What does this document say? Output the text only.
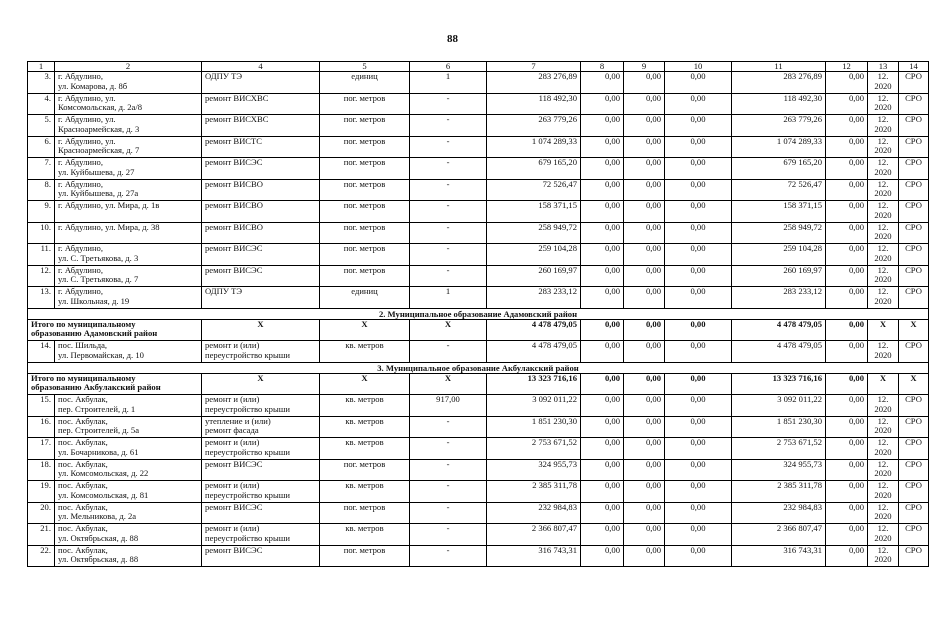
88
1	2	4	5	6	7	8	9	10	11	12	13	14
3.	г. Абдулино,
ул. Комарова, д. 8б	ОДПУ ТЭ	единиц	1	283 276,89	0,00	0,00	0,00	283 276,89	0,00	12.
2020	СРО
4.	г. Абдулино, ул.
Комсомольская, д. 2а/8	ремонт ВИСХВС	пог. метров	-	118 492,30	0,00	0,00	0,00	118 492,30	0,00	12.
2020	СРО
5.	г. Абдулино, ул.
Красноармейская, д. 3	ремонт ВИСХВС	пог. метров	-	263 779,26	0,00	0,00	0,00	263 779,26	0,00	12.
2020	СРО
6.	г. Абдулино, ул.
Красноармейская, д. 7	ремонт ВИСТС	пог. метров	-	1 074 289,33	0,00	0,00	0,00	1 074 289,33	0,00	12.
2020	СРО
7.	г. Абдулино,
ул. Куйбышева, д. 27	ремонт ВИСЭС	пог. метров	-	679 165,20	0,00	0,00	0,00	679 165,20	0,00	12.
2020	СРО
8.	г. Абдулино,
ул. Куйбышева, д. 27а	ремонт ВИСВО	пог. метров	-	72 526,47	0,00	0,00	0,00	72 526,47	0,00	12.
2020	СРО
9.	г. Абдулино, ул. Мира, д. 1в	ремонт ВИСВО	пог. метров	-	158 371,15	0,00	0,00	0,00	158 371,15	0,00	12.
2020	СРО
10.	г. Абдулино, ул. Мира, д. 38	ремонт ВИСВО	пог. метров	-	258 949,72	0,00	0,00	0,00	258 949,72	0,00	12.
2020	СРО
11.	г. Абдулино,
ул. С. Третьякова, д. 3	ремонт ВИСЭС	пог. метров	-	259 104,28	0,00	0,00	0,00	259 104,28	0,00	12.
2020	СРО
12.	г. Абдулино,
ул. С. Третьякова, д. 7	ремонт ВИСЭС	пог. метров	-	260 169,97	0,00	0,00	0,00	260 169,97	0,00	12.
2020	СРО
13.	г. Абдулино,
ул. Школьная, д. 19	ОДПУ ТЭ	единиц	1	283 233,12	0,00	0,00	0,00	283 233,12	0,00	12.
2020	СРО
2. Муниципальное образование Адамовский район												

Итого по муниципальному
образованию Адамовский район		X	X	X	4 478 479,05	0,00	0,00	0,00	4 478 479,05	0,00	X	X
14.	пос. Шильда,
ул. Первомайская, д. 10	ремонт и (или)
переустройство крыши	кв. метров	-	4 478 479,05	0,00	0,00	0,00	4 478 479,05	0,00	12.
2020	СРО
3. Муниципальное образование Акбулакский район												

Итого по муниципальному
образованию Акбулакский район		X	X	X	13 323 716,16	0,00	0,00	0,00	13 323 716,16	0,00	X	X
15.	пос. Акбулак,
пер. Строителей, д. 1	ремонт и (или)
переустройство крыши	кв. метров	917,00	3 092 011,22	0,00	0,00	0,00	3 092 011,22	0,00	12.
2020	СРО
16.	пос. Акбулак,
пер. Строителей, д. 5а	утепление и (или)
ремонт фасада	кв. метров	-	1 851 230,30	0,00	0,00	0,00	1 851 230,30	0,00	12.
2020	СРО
17.	пос. Акбулак,
ул. Бочарникова, д. 61	ремонт и (или)
переустройство крыши	кв. метров	-	2 753 671,52	0,00	0,00	0,00	2 753 671,52	0,00	12.
2020	СРО
18.	пос. Акбулак,
ул. Комсомольская, д. 22	ремонт ВИСЭС	пог. метров	-	324 955,73	0,00	0,00	0,00	324 955,73	0,00	12.
2020	СРО
19.	пос. Акбулак,
ул. Комсомольская, д. 81	ремонт и (или)
переустройство крыши	кв. метров	-	2 385 311,78	0,00	0,00	0,00	2 385 311,78	0,00	12.
2020	СРО
20.	пос. Акбулак,
ул. Мельникова, д. 2а	ремонт ВИСЭС	пог. метров	-	232 984,83	0,00	0,00	0,00	232 984,83	0,00	12.
2020	СРО
21.	пос. Акбулак,
ул. Октябрьская, д. 88	ремонт и (или)
переустройство крыши	кв. метров	-	2 366 807,47	0,00	0,00	0,00	2 366 807,47	0,00	12.
2020	СРО
22.	пос. Акбулак,
ул. Октябрьская, д. 88	ремонт ВИСЭС	пог. метров	-	316 743,31	0,00	0,00	0,00	316 743,31	0,00	12.
2020	СРО
